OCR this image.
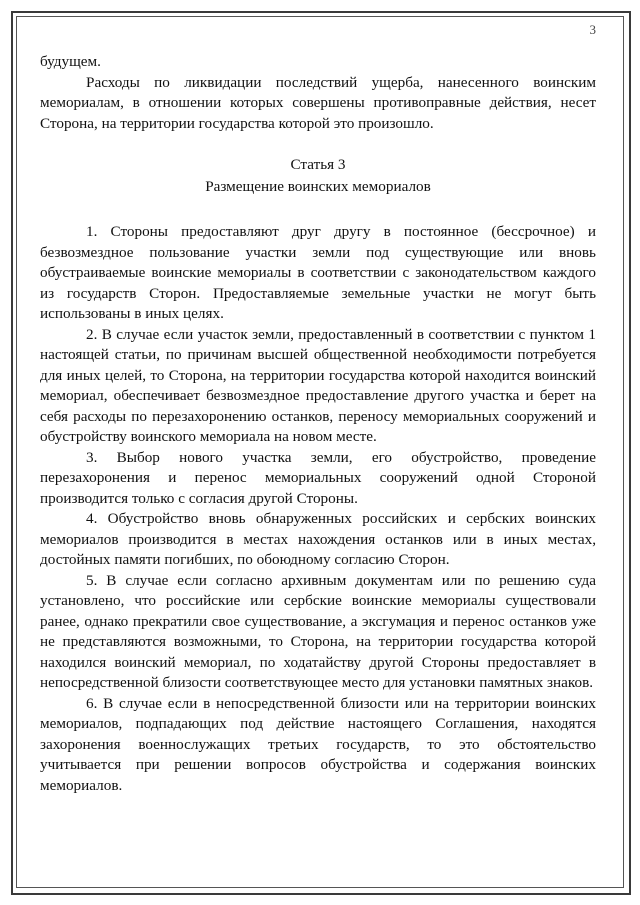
3

будущем.

Расходы по ликвидации последствий ущерба, нанесенного воинским мемориалам, в отношении которых совершены противоправные действия, несет Сторона, на территории государства которой это произошло.

Статья 3
Размещение воинских мемориалов

1. Стороны предоставляют друг другу в постоянное (бессрочное) и безвозмездное пользование участки земли под существующие или вновь обустраиваемые воинские мемориалы в соответствии с законодательством каждого из государств Сторон. Предоставляемые земельные участки не могут быть использованы в иных целях.

2. В случае если участок земли, предоставленный в соответствии с пунктом 1 настоящей статьи, по причинам высшей общественной необходимости потребуется для иных целей, то Сторона, на территории государства которой находится воинский мемориал, обеспечивает безвозмездное предоставление другого участка и берет на себя расходы по перезахоронению останков, переносу мемориальных сооружений и обустройству воинского мемориала на новом месте.

3. Выбор нового участка земли, его обустройство, проведение перезахоронения и перенос мемориальных сооружений одной Стороной производится только с согласия другой Стороны.

4. Обустройство вновь обнаруженных российских и сербских воинских мемориалов производится в местах нахождения останков или в иных местах, достойных памяти погибших, по обоюдному согласию Сторон.

5. В случае если согласно архивным документам или по решению суда установлено, что российские или сербские воинские мемориалы существовали ранее, однако прекратили свое существование, а эксгумация и перенос останков уже не представляются возможными, то Сторона, на территории государства которой находился воинский мемориал, по ходатайству другой Стороны предоставляет в непосредственной близости соответствующее место для установки памятных знаков.

6. В случае если в непосредственной близости или на территории воинских мемориалов, подпадающих под действие настоящего Соглашения, находятся захоронения военнослужащих третьих государств, то это обстоятельство учитывается при решении вопросов обустройства и содержания воинских мемориалов.
